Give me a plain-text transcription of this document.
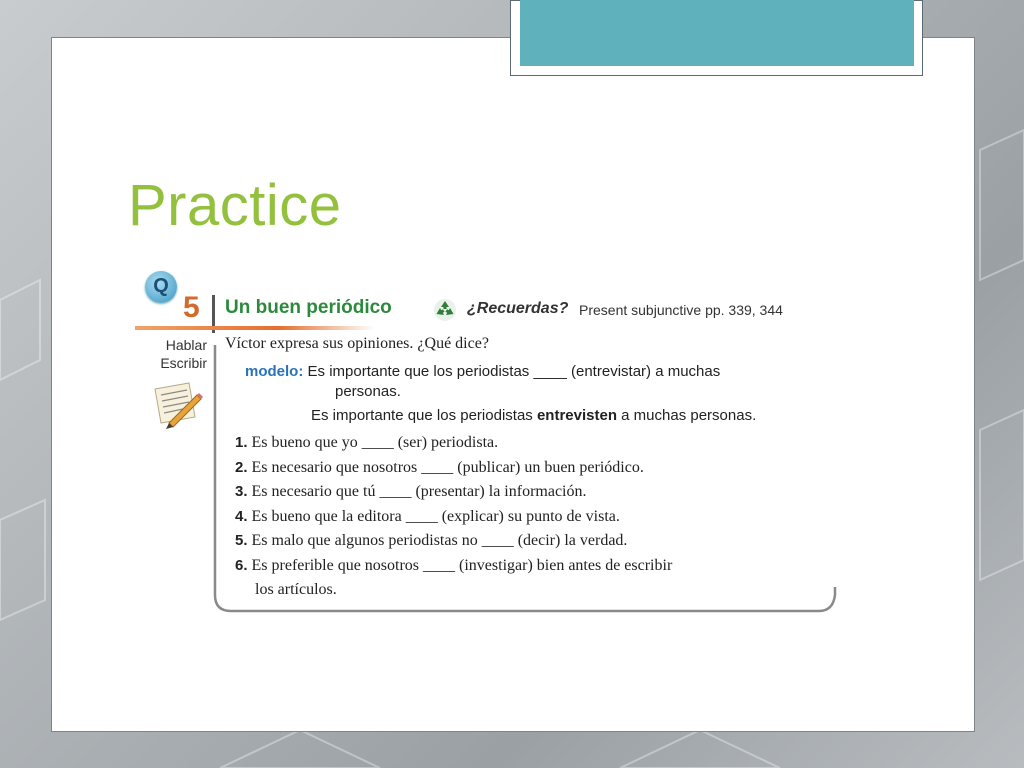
Practice
Q
5 Un buen periódico	¿Recuerdas? Present subjunctive pp. 339, 344
Hablar
Escribir
Víctor expresa sus opiniones. ¿Qué dice?
modelo: Es importante que los periodistas ____ (entrevistar) a muchas
personas.
Es importante que los periodistas entrevisten a muchas personas.
1. Es bueno que yo ____ (ser) periodista.
2. Es necesario que nosotros ____ (publicar) un buen periódico.
3. Es necesario que tú ____ (presentar) la información.
4. Es bueno que la editora ____ (explicar) su punto de vista.
5. Es malo que algunos periodistas no ____ (decir) la verdad.
6. Es preferible que nosotros ____ (investigar) bien antes de escribir
los artículos.
